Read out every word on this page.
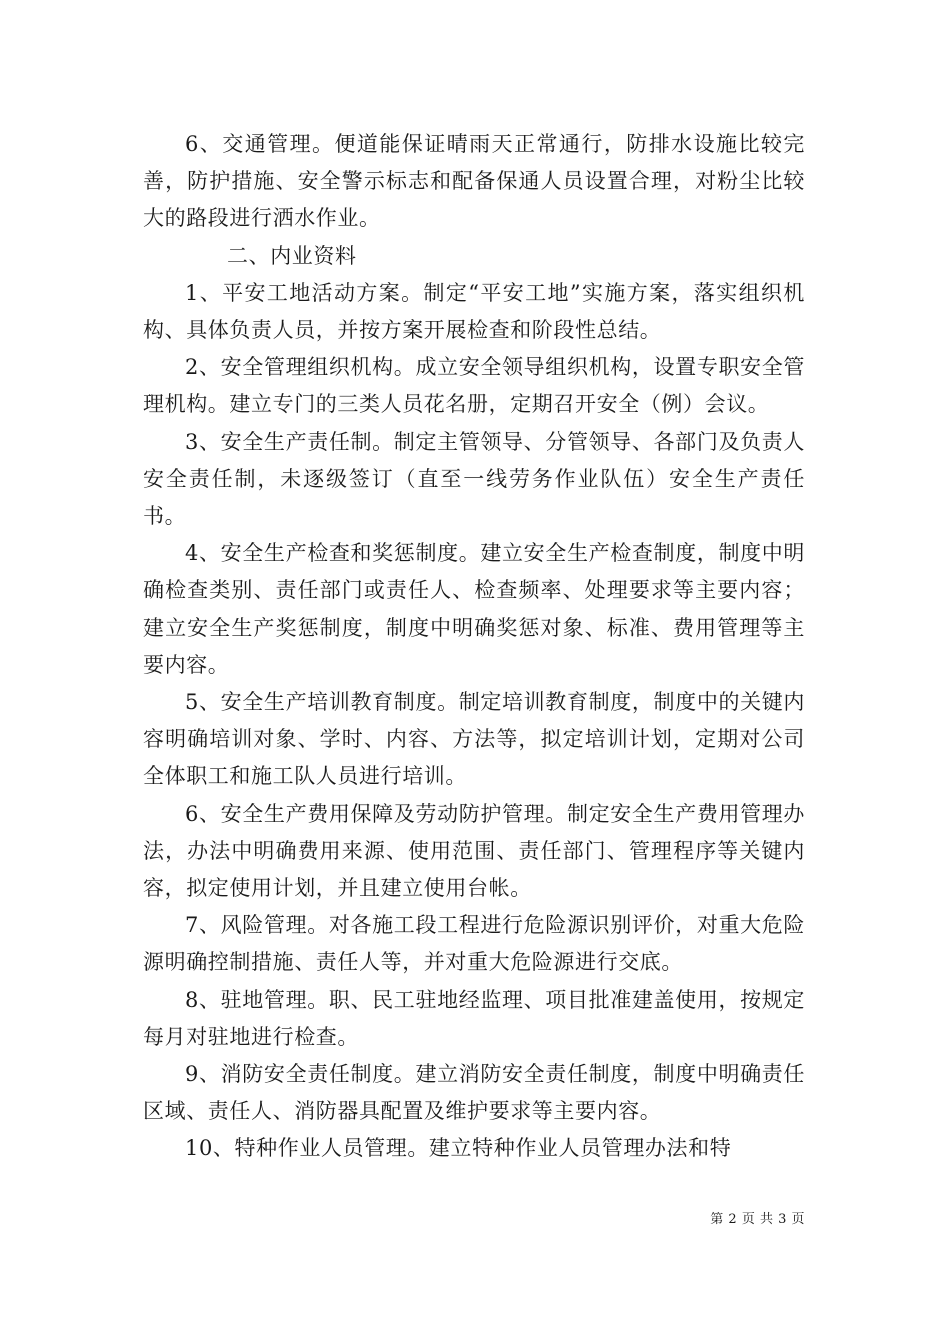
6、交通管理。便道能保证晴雨天正常通行，防排水设施比较完善，防护措施、安全警示标志和配备保通人员设置合理，对粉尘比较大的路段进行洒水作业。

二、内业资料

1、平安工地活动方案。制定“平安工地”实施方案，落实组织机构、具体负责人员，并按方案开展检查和阶段性总结。

2、安全管理组织机构。成立安全领导组织机构，设置专职安全管理机构。建立专门的三类人员花名册，定期召开安全（例）会议。

3、安全生产责任制。制定主管领导、分管领导、各部门及负责人安全责任制，未逐级签订（直至一线劳务作业队伍）安全生产责任书。

4、安全生产检查和奖惩制度。建立安全生产检查制度，制度中明确检查类别、责任部门或责任人、检查频率、处理要求等主要内容；建立安全生产奖惩制度，制度中明确奖惩对象、标准、费用管理等主要内容。

5、安全生产培训教育制度。制定培训教育制度，制度中的关键内容明确培训对象、学时、内容、方法等，拟定培训计划，定期对公司全体职工和施工队人员进行培训。

6、安全生产费用保障及劳动防护管理。制定安全生产费用管理办法，办法中明确费用来源、使用范围、责任部门、管理程序等关键内容，拟定使用计划，并且建立使用台帐。

7、风险管理。对各施工段工程进行危险源识别评价，对重大危险源明确控制措施、责任人等，并对重大危险源进行交底。

8、驻地管理。职、民工驻地经监理、项目批准建盖使用，按规定每月对驻地进行检查。

9、消防安全责任制度。建立消防安全责任制度，制度中明确责任区域、责任人、消防器具配置及维护要求等主要内容。

10、特种作业人员管理。建立特种作业人员管理办法和特

第 2 页 共 3 页
